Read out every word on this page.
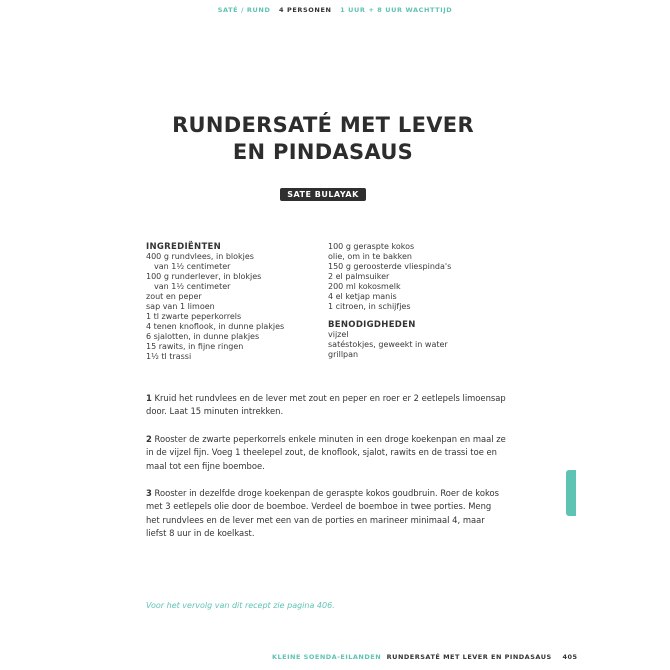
SATÉ / RUND 4 PERSONEN 1 UUR + 8 UUR WACHTTIJD
RUNDERSATÉ MET LEVER
EN PINDASAUS
SATE BULAYAK
INGREDIËNTEN
400 g rundvlees, in blokjes
van 1½ centimeter
100 g runderlever, in blokjes
van 1½ centimeter
zout en peper
sap van 1 limoen
1 tl zwarte peperkorrels
4 tenen knoflook, in dunne plakjes
6 sjalotten, in dunne plakjes
15 rawits, in fijne ringen
1½ tl trassi
100 g geraspte kokos
olie, om in te bakken
150 g geroosterde vliespinda's
2 el palmsuiker
200 ml kokosmelk
4 el ketjap manis
1 citroen, in schijfjes
BENODIGDHEDEN
vijzel
satéstokjes, geweekt in water
grillpan

1 Kruid het rundvlees en de lever met zout en peper en roer er 2 eetlepels limoensap door. Laat 15 minuten intrekken.

2 Rooster de zwarte peperkorrels enkele minuten in een droge koekenpan en maal ze in de vijzel fijn. Voeg 1 theelepel zout, de knoflook, sjalot, rawits en de trassi toe en maal tot een fijne boemboe.

3 Rooster in dezelfde droge koekenpan de geraspte kokos goudbruin. Roer de kokos met 3 eetlepels olie door de boemboe. Verdeel de boemboe in twee porties. Meng het rundvlees en de lever met een van de porties en marineer minimaal 4, maar liefst 8 uur in de koelkast.

Voor het vervolg van dit recept zie pagina 406.
KLEINE SOENDA-EILANDEN RUNDERSATÉ MET LEVER EN PINDASAUS 405
